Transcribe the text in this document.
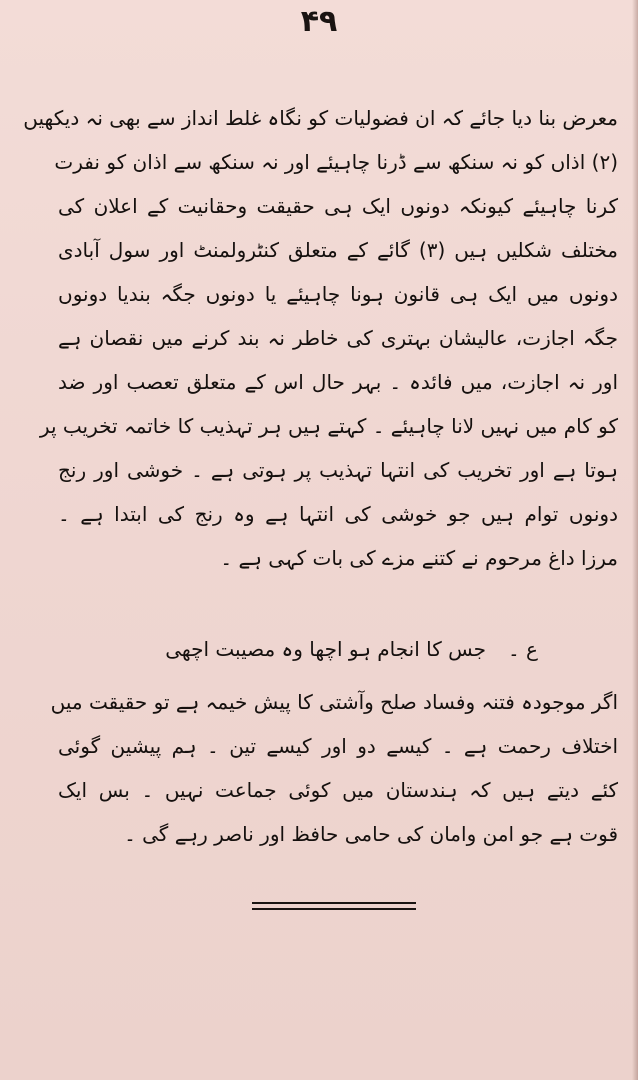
۴۹
معرض بنا دیا جائے کہ ان فضولیات کو نگاہ غلط انداز سے بھی نہ دیکھیں
(۲) اذاں کو نہ سنکھ سے ڈرنا چاہیئے اور نہ سنکھ سے اذان کو نفرت
کرنا چاہیئے کیونکہ دونوں ایک ہی حقیقت وحقانیت کے اعلان کی
مختلف شکلیں ہیں (۳) گائے کے متعلق کنٹرولمنٹ اور سول آبادی
دونوں میں ایک ہی قانون ہونا چاہیئے یا دونوں جگہ بندیا دونوں
جگہ اجازت، عالیشان بہتری کی خاطر نہ بند کرنے میں نقصان ہے
اور نہ اجازت، میں فائدہ ۔ بہر حال اس کے متعلق تعصب اور ضد
کو کام میں نہیں لانا چاہیئے ۔ کہتے ہیں ہر تہذیب کا خاتمہ تخریب پر
ہوتا ہے اور تخریب کی انتہا تہذیب پر ہوتی ہے ۔ خوشی اور رنج
دونوں توام ہیں جو خوشی کی انتہا ہے وہ رنج کی ابتدا ہے ۔
مرزا داغ مرحوم نے کتنے مزے کی بات کہی ہے ۔
ع ۔جس کا انجام ہو اچھا وہ مصیبت اچھی
اگر موجودہ فتنہ وفساد صلح وآشتی کا پیش خیمہ ہے تو حقیقت میں
اختلاف رحمت ہے ۔ کیسے دو اور کیسے تین ۔ ہم پیشین گوئی
کئے دیتے ہیں کہ ہندستان میں کوئی جماعت نہیں ۔ بس ایک
قوت ہے جو امن وامان کی حامی حافظ اور ناصر رہے گی ۔
